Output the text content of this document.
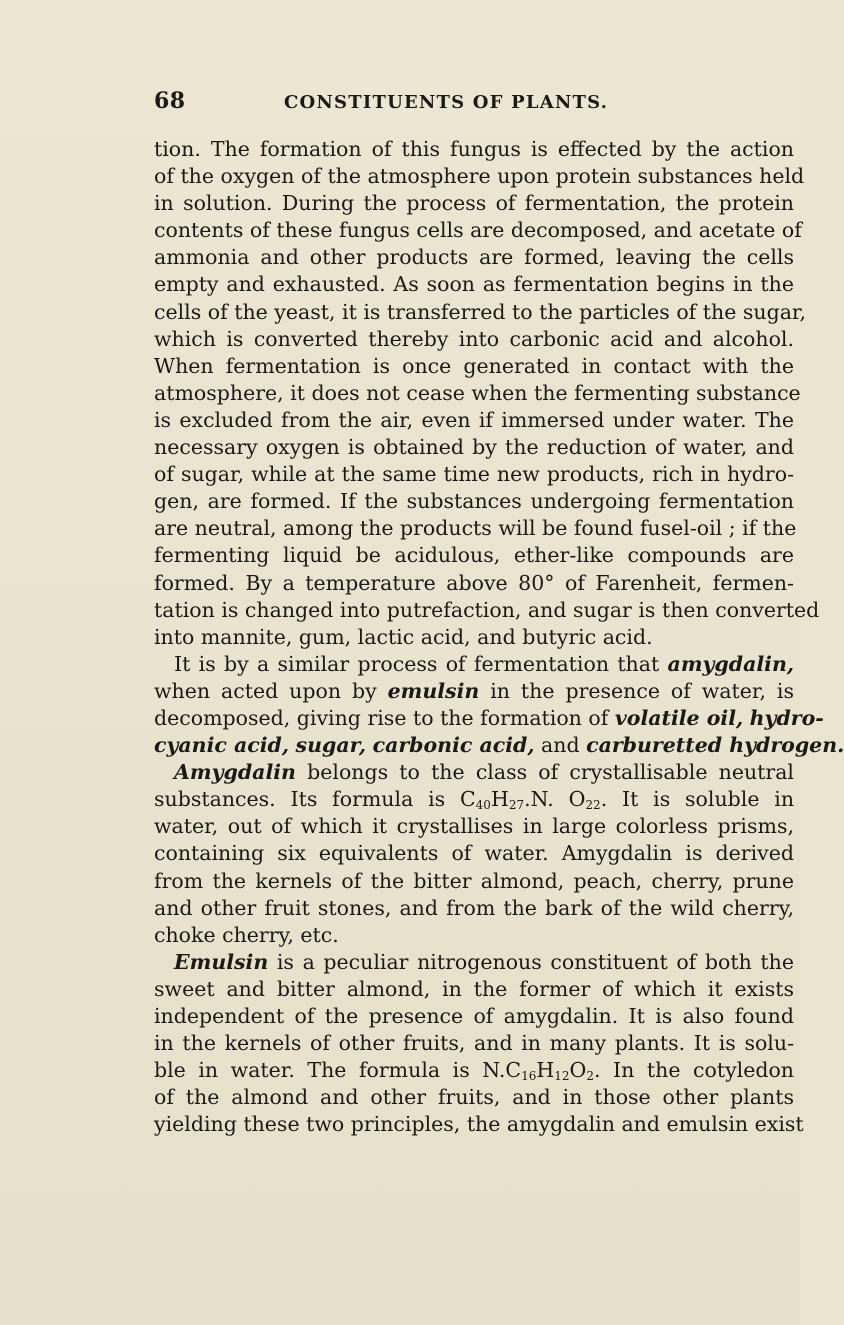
68	CONSTITUENTS OF PLANTS.
tion. The formation of this fungus is effected by the action
of the oxygen of the atmosphere upon protein substances held
in solution. During the process of fermentation, the protein
contents of these fungus cells are decomposed, and acetate of
ammonia and other products are formed, leaving the cells
empty and exhausted. As soon as fermentation begins in the
cells of the yeast, it is transferred to the particles of the sugar,
which is converted thereby into carbonic acid and alcohol.
When fermentation is once generated in contact with the
atmosphere, it does not cease when the fermenting substance
is excluded from the air, even if immersed under water. The
necessary oxygen is obtained by the reduction of water, and
of sugar, while at the same time new products, rich in hydro-
gen, are formed. If the substances undergoing fermentation
are neutral, among the products will be found fusel-oil ; if the
fermenting liquid be acidulous, ether-like compounds are
formed. By a temperature above 80° of Farenheit, fermen-
tation is changed into putrefaction, and sugar is then converted
into mannite, gum, lactic acid, and butyric acid.
It is by a similar process of fermentation that amygdalin,
when acted upon by emulsin in the presence of water, is
decomposed, giving rise to the formation of volatile oil, hydro-
cyanic acid, sugar, carbonic acid, and carburetted hydrogen.
Amygdalin belongs to the class of crystallisable neutral
substances. Its formula is $C_{40}H_{27}.N$. $O_{22}$. It is soluble in
water, out of which it crystallises in large colorless prisms,
containing six equivalents of water. Amygdalin is derived
from the kernels of the bitter almond, peach, cherry, prune
and other fruit stones, and from the bark of the wild cherry,
choke cherry, etc.
Emulsin is a peculiar nitrogenous constituent of both the
sweet and bitter almond, in the former of which it exists
independent of the presence of amygdalin. It is also found
in the kernels of other fruits, and in many plants. It is solu-
ble in water. The formula is $N.C_{16}H_{12}O_2$. In the cotyledon
of the almond and other fruits, and in those other plants
yielding these two principles, the amygdalin and emulsin exist
